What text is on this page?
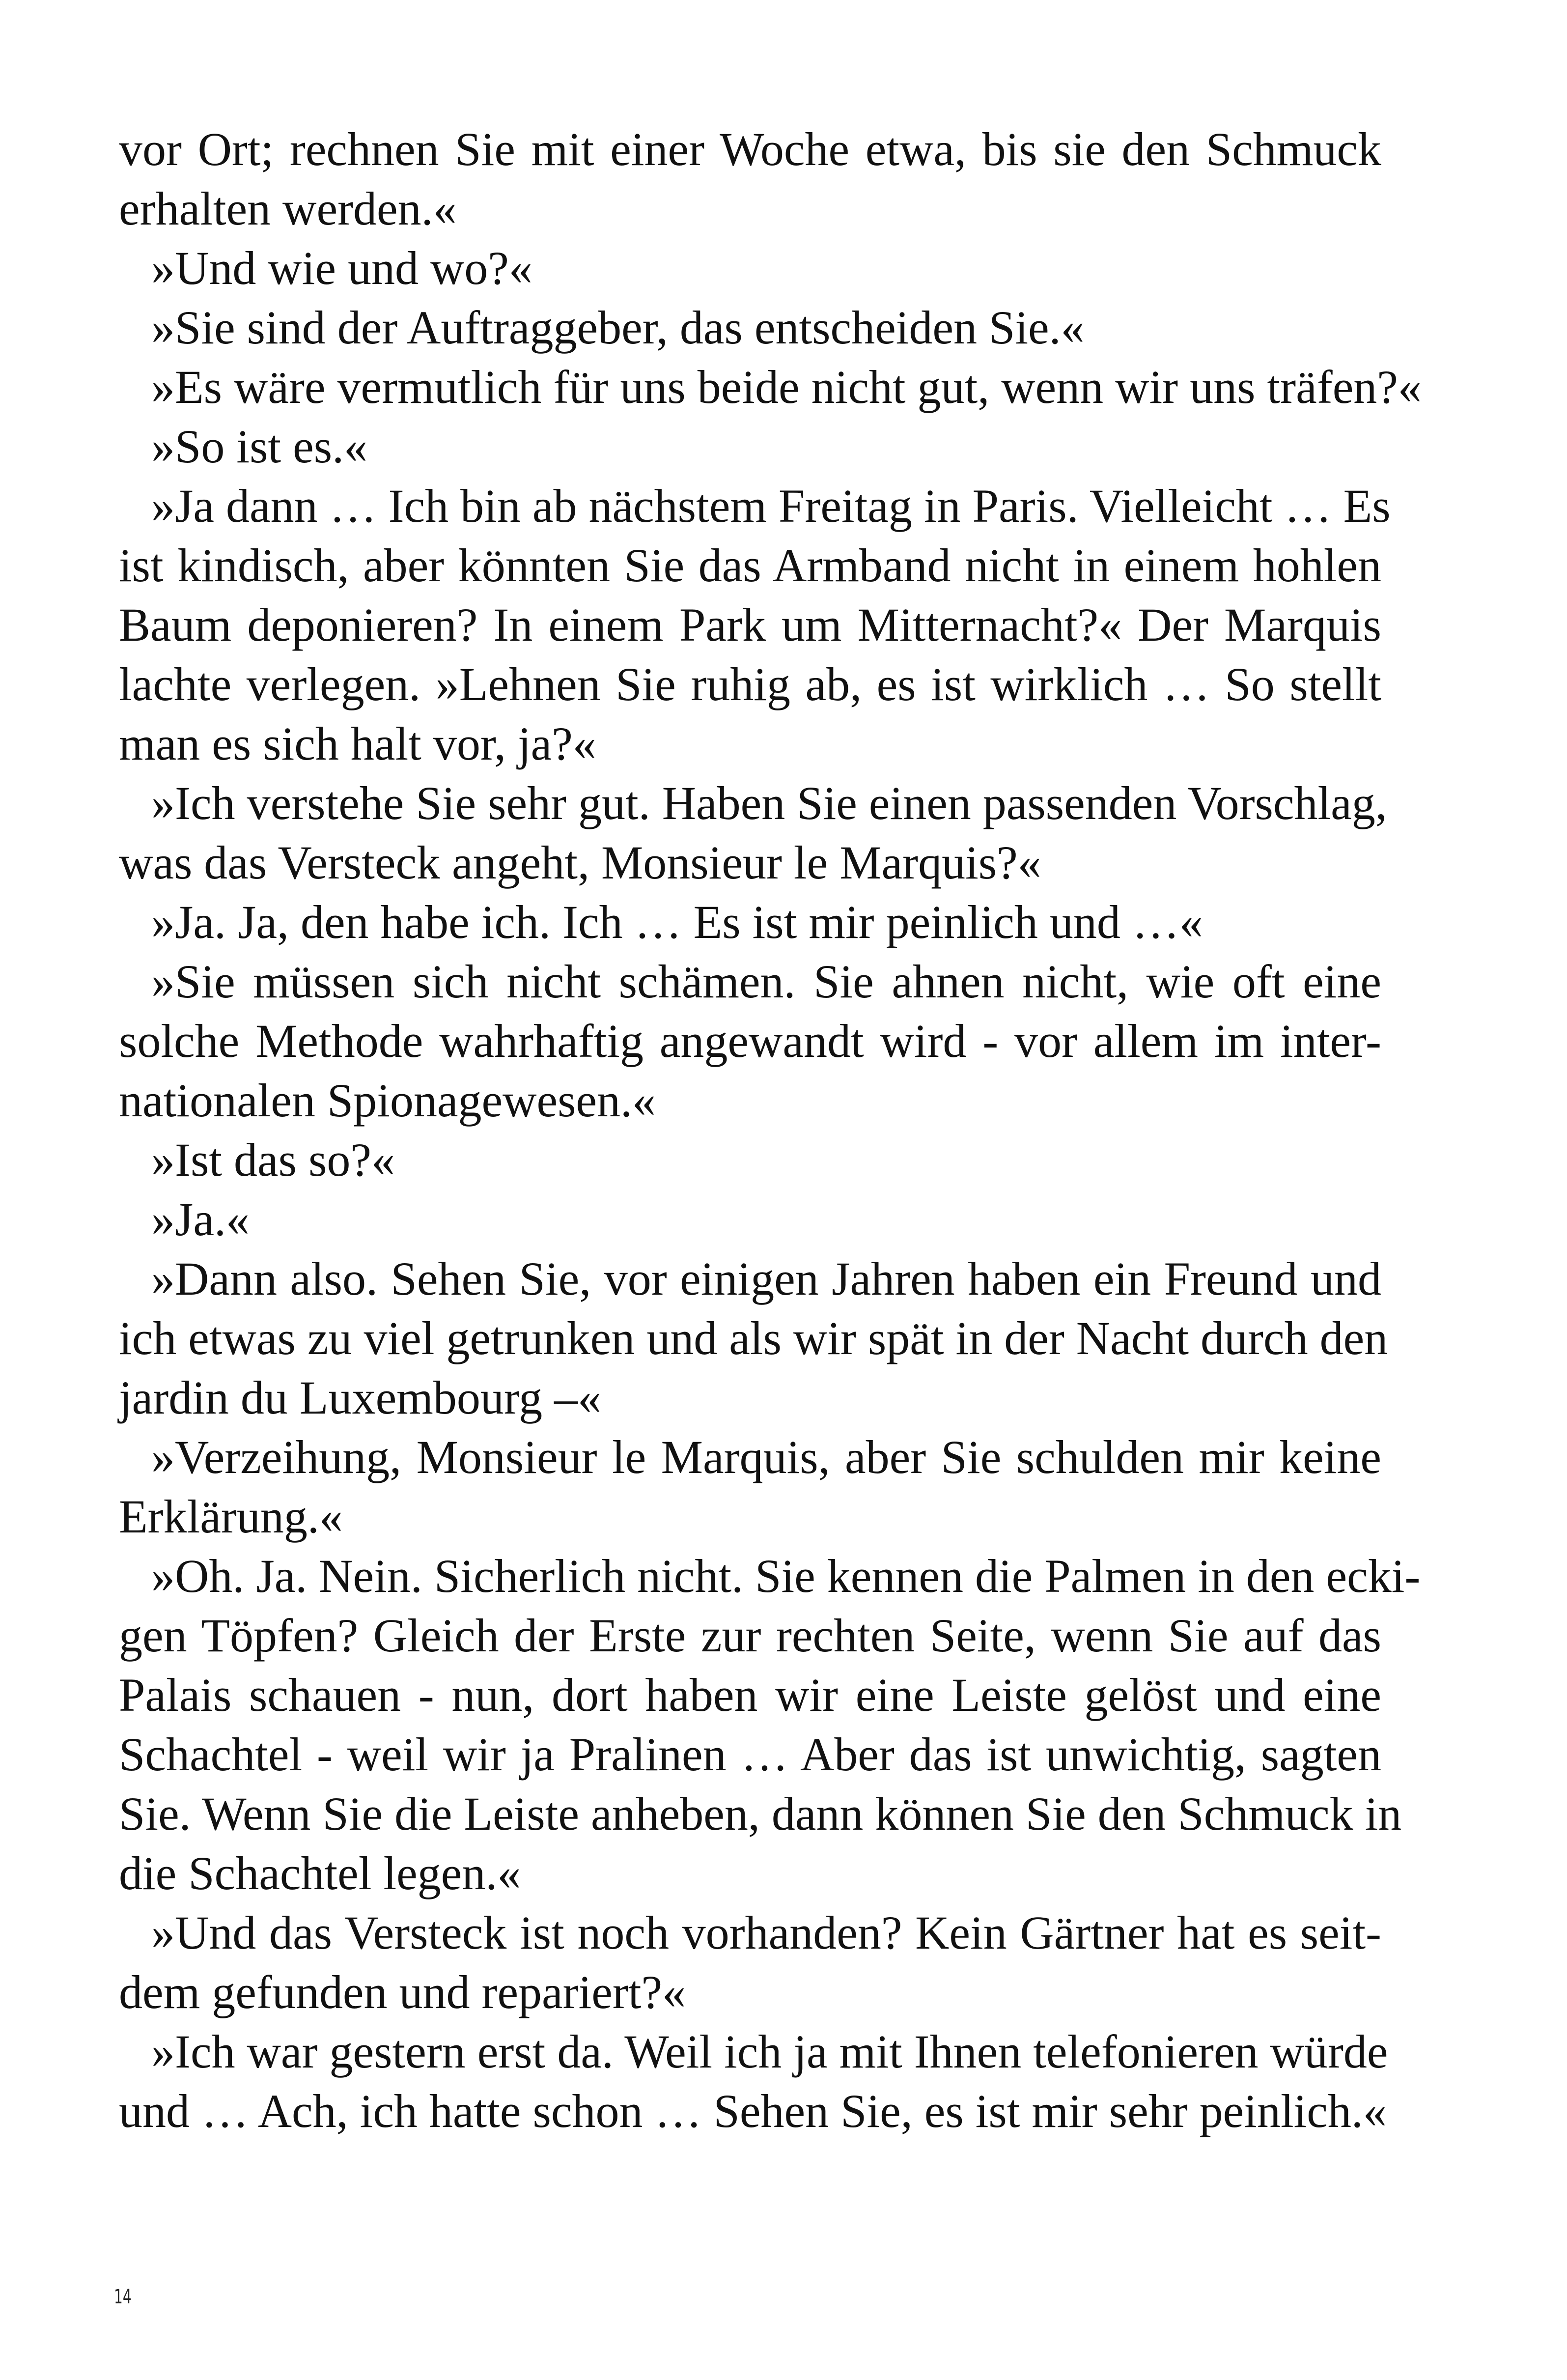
vor Ort; rechnen Sie mit einer Woche etwa, bis sie den Schmuck
erhalten werden.«
»Und wie und wo?«
»Sie sind der Auftraggeber, das entscheiden Sie.«
»Es wäre vermutlich für uns beide nicht gut, wenn wir uns träfen?«
»So ist es.«
»Ja dann … Ich bin ab nächstem Freitag in Paris. Vielleicht … Es
ist kindisch, aber könnten Sie das Armband nicht in einem hohlen
Baum deponieren? In einem Park um Mitternacht?« Der Marquis
lachte verlegen. »Lehnen Sie ruhig ab, es ist wirklich … So stellt
man es sich halt vor, ja?«
»Ich verstehe Sie sehr gut. Haben Sie einen passenden Vorschlag,
was das Versteck angeht, Monsieur le Marquis?«
»Ja. Ja, den habe ich. Ich … Es ist mir peinlich und …«
»Sie müssen sich nicht schämen. Sie ahnen nicht, wie oft eine
solche Methode wahrhaftig angewandt wird - vor allem im inter-
nationalen Spionagewesen.«
»Ist das so?«
»Ja.«
»Dann also. Sehen Sie, vor einigen Jahren haben ein Freund und
ich etwas zu viel getrunken und als wir spät in der Nacht durch den
jardin du Luxembourg –«
»Verzeihung, Monsieur le Marquis, aber Sie schulden mir keine
Erklärung.«
»Oh. Ja. Nein. Sicherlich nicht. Sie kennen die Palmen in den ecki-
gen Töpfen? Gleich der Erste zur rechten Seite, wenn Sie auf das
Palais schauen - nun, dort haben wir eine Leiste gelöst und eine
Schachtel - weil wir ja Pralinen … Aber das ist unwichtig, sagten
Sie. Wenn Sie die Leiste anheben, dann können Sie den Schmuck in
die Schachtel legen.«
»Und das Versteck ist noch vorhanden? Kein Gärtner hat es seit-
dem gefunden und repariert?«
»Ich war gestern erst da. Weil ich ja mit Ihnen telefonieren würde
und … Ach, ich hatte schon … Sehen Sie, es ist mir sehr peinlich.«
14
